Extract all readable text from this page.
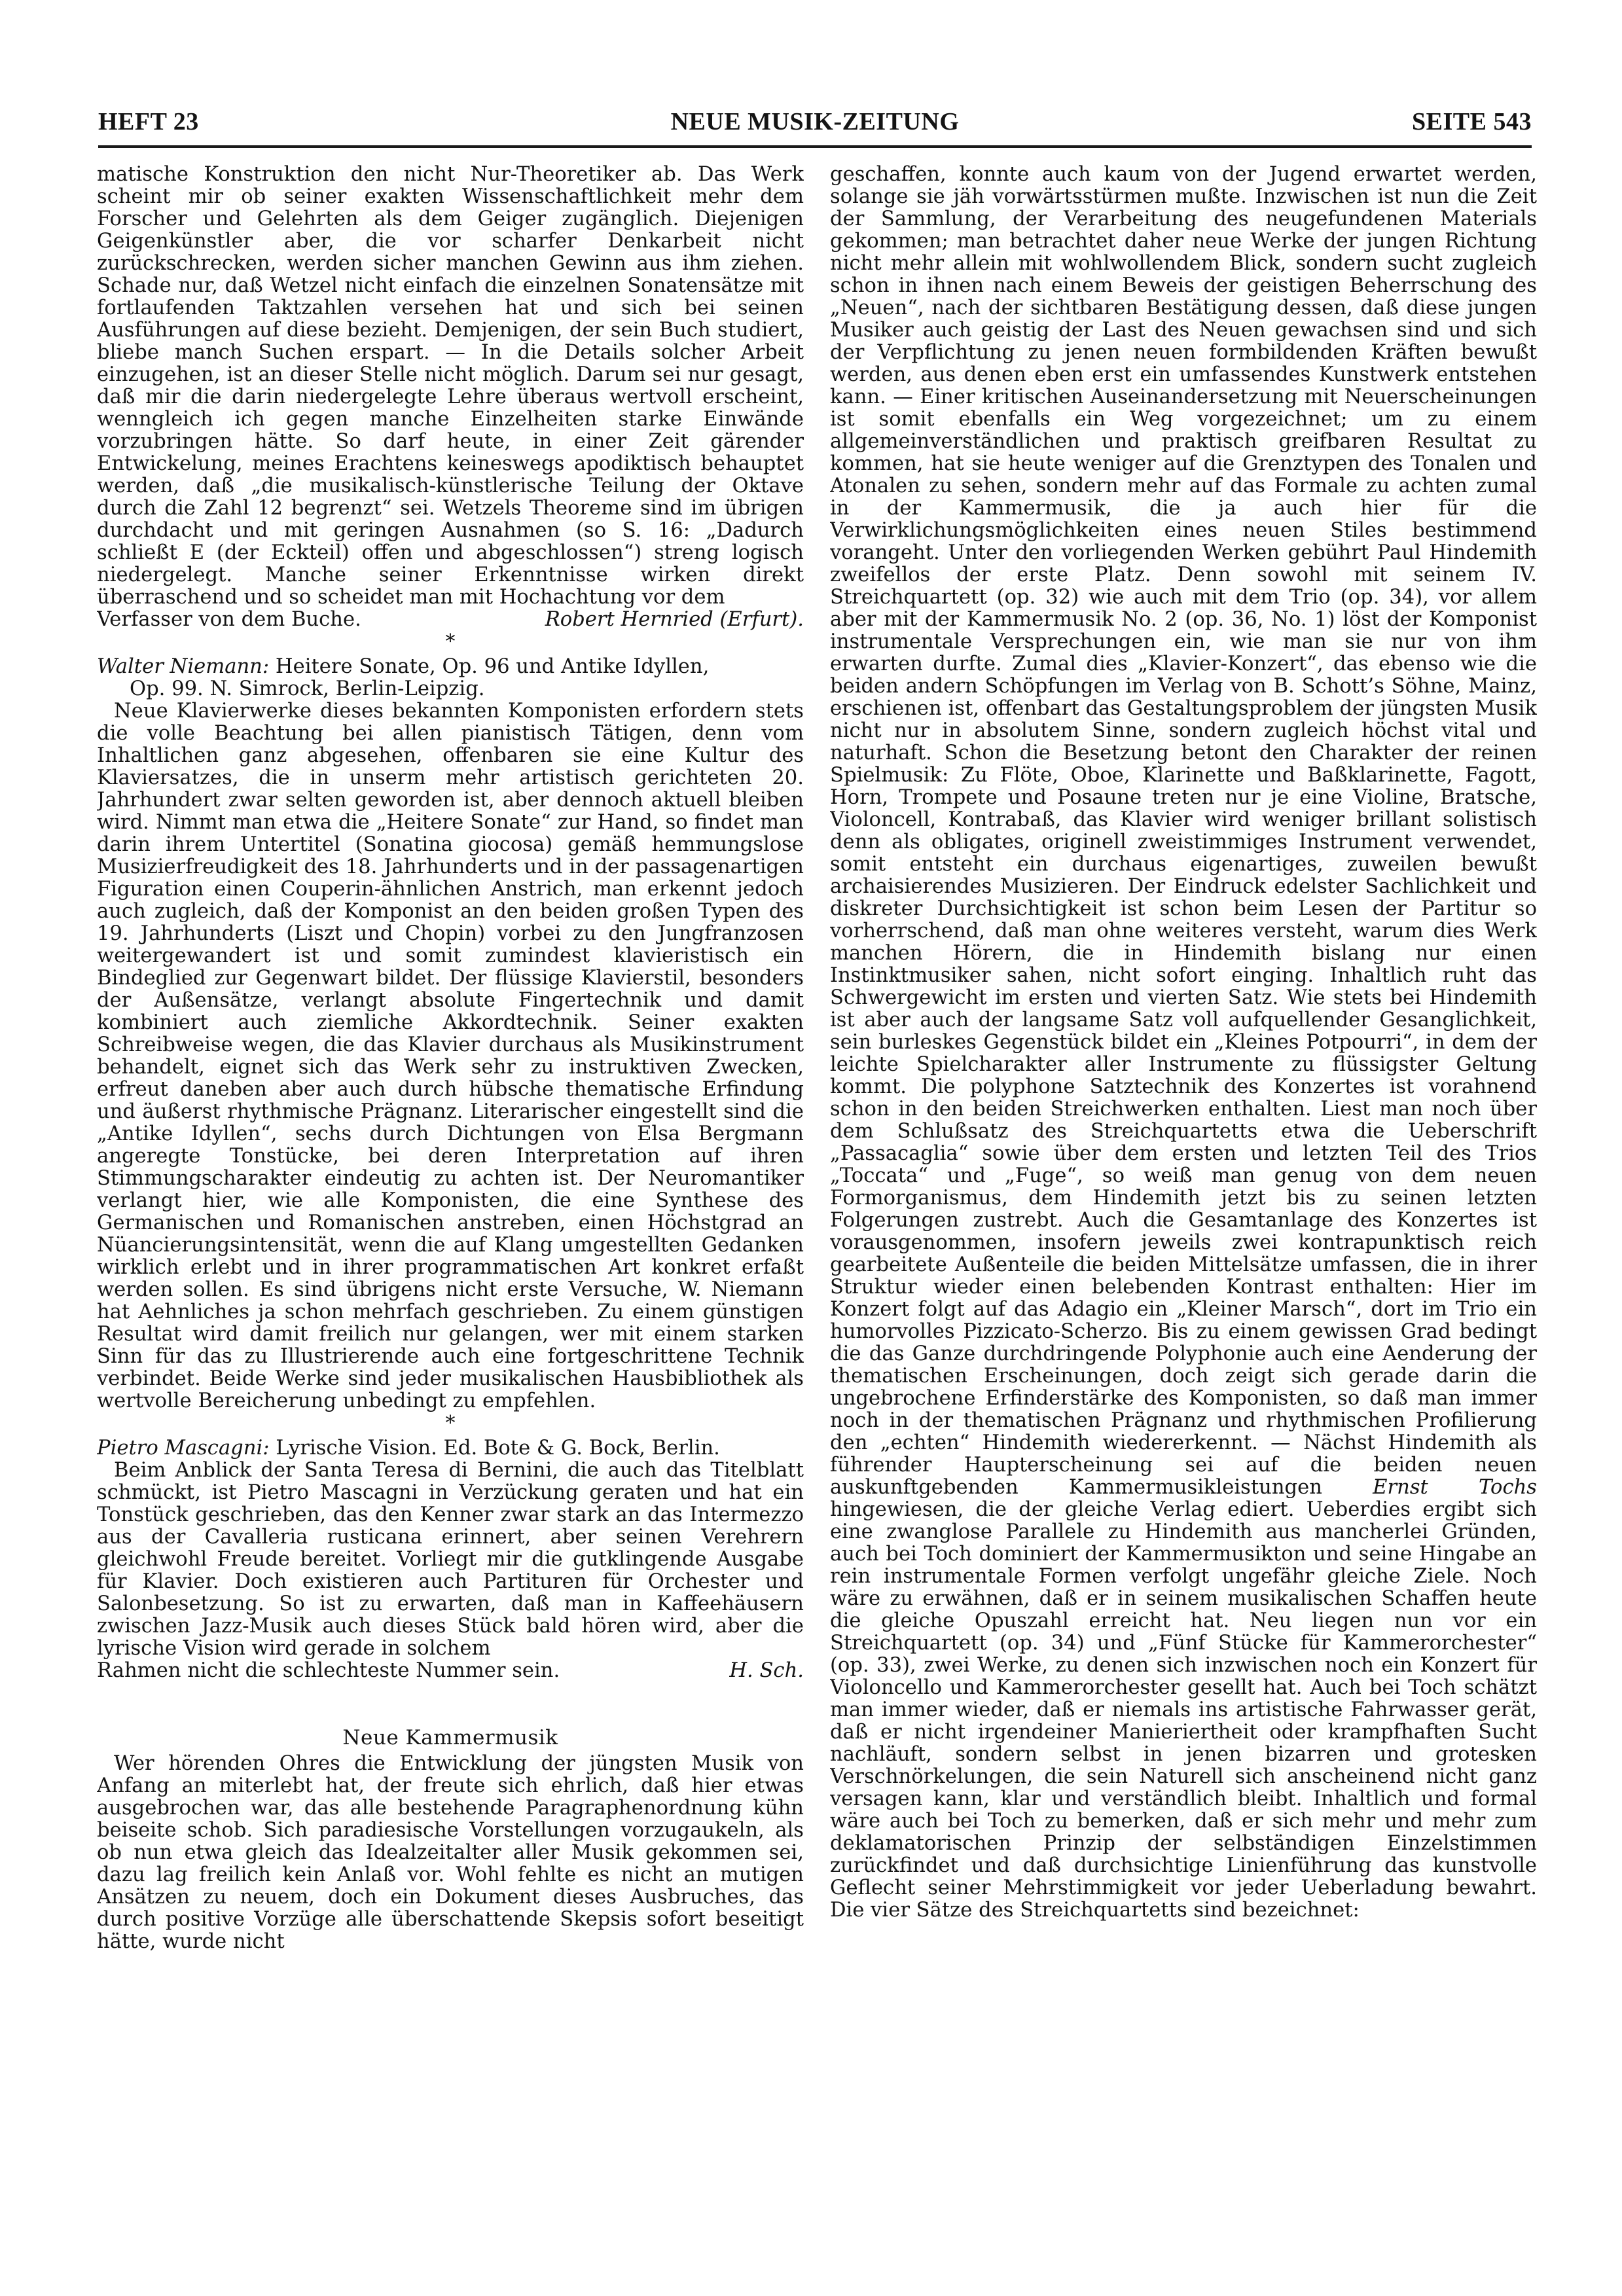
HEFT 23	NEUE MUSIK-ZEITUNG	SEITE 543

matische Konstruktion den nicht Nur-Theoretiker ab. Das Werk scheint mir ob seiner exakten Wissenschaftlichkeit mehr dem Forscher und Gelehrten als dem Geiger zugänglich. Diejenigen Geigenkünstler aber, die vor scharfer Denkarbeit nicht zurückschrecken, werden sicher manchen Gewinn aus ihm ziehen. Schade nur, daß Wetzel nicht einfach die einzelnen Sonatensätze mit fortlaufenden Taktzahlen versehen hat und sich bei seinen Ausführungen auf diese bezieht. Demjenigen, der sein Buch studiert, bliebe manch Suchen erspart. — In die Details solcher Arbeit einzugehen, ist an dieser Stelle nicht möglich. Darum sei nur gesagt, daß mir die darin niedergelegte Lehre überaus wertvoll erscheint, wenngleich ich gegen manche Einzelheiten starke Einwände vorzubringen hätte. So darf heute, in einer Zeit gärender Entwickelung, meines Erachtens keineswegs apodiktisch behauptet werden, daß „die musikalisch-künstlerische Teilung der Oktave durch die Zahl 12 begrenzt“ sei. Wetzels Theoreme sind im übrigen durchdacht und mit geringen Ausnahmen (so S. 16: „Dadurch schließt E (der Eckteil) offen und abgeschlossen“) streng logisch niedergelegt. Manche seiner Erkenntnisse wirken direkt überraschend und so scheidet man mit Hochachtung vor dem

Verfasser von dem Buche.	Robert Hernried (Erfurt).
*

Walter Niemann: Heitere Sonate, Op. 96 und Antike Idyllen,
Op. 99. N. Simrock, Berlin-Leipzig.

Neue Klavierwerke dieses bekannten Komponisten erfordern stets die volle Beachtung bei allen pianistisch Tätigen, denn vom Inhaltlichen ganz abgesehen, offenbaren sie eine Kultur des Klaviersatzes, die in unserm mehr artistisch gerichteten 20. Jahrhundert zwar selten geworden ist, aber dennoch aktuell bleiben wird. Nimmt man etwa die „Heitere Sonate“ zur Hand, so findet man darin ihrem Untertitel (Sonatina giocosa) gemäß hemmungslose Musizierfreudigkeit des 18. Jahrhunderts und in der passagenartigen Figuration einen Couperin-ähnlichen Anstrich, man erkennt jedoch auch zugleich, daß der Komponist an den beiden großen Typen des 19. Jahrhunderts (Liszt und Chopin) vorbei zu den Jungfranzosen weitergewandert ist und somit zumindest klavieristisch ein Bindeglied zur Gegenwart bildet. Der flüssige Klavierstil, besonders der Außensätze, verlangt absolute Fingertechnik und damit kombiniert auch ziemliche Akkordtechnik. Seiner exakten Schreibweise wegen, die das Klavier durchaus als Musikinstrument behandelt, eignet sich das Werk sehr zu instruktiven Zwecken, erfreut daneben aber auch durch hübsche thematische Erfindung und äußerst rhythmische Prägnanz. Literarischer eingestellt sind die „Antike Idyllen“, sechs durch Dichtungen von Elsa Bergmann angeregte Tonstücke, bei deren Interpretation auf ihren Stimmungscharakter eindeutig zu achten ist. Der Neuromantiker verlangt hier, wie alle Komponisten, die eine Synthese des Germanischen und Romanischen anstreben, einen Höchstgrad an Nüancierungsintensität, wenn die auf Klang umgestellten Gedanken wirklich erlebt und in ihrer programmatischen Art konkret erfaßt werden sollen. Es sind übrigens nicht erste Versuche, W. Niemann hat Aehnliches ja schon mehrfach geschrieben. Zu einem günstigen Resultat wird damit freilich nur gelangen, wer mit einem starken Sinn für das zu Illustrierende auch eine fortgeschrittene Technik verbindet. Beide Werke sind jeder musikalischen Hausbibliothek als wertvolle Bereicherung unbedingt zu empfehlen.

*

Pietro Mascagni: Lyrische Vision. Ed. Bote & G. Bock, Berlin.

Beim Anblick der Santa Teresa di Bernini, die auch das Titelblatt schmückt, ist Pietro Mascagni in Verzückung geraten und hat ein Tonstück geschrieben, das den Kenner zwar stark an das Intermezzo aus der Cavalleria rusticana erinnert, aber seinen Verehrern gleichwohl Freude bereitet. Vorliegt mir die gutklingende Ausgabe für Klavier. Doch existieren auch Partituren für Orchester und Salonbesetzung. So ist zu erwarten, daß man in Kaffeehäusern zwischen Jazz-Musik auch dieses Stück bald hören wird, aber die lyrische Vision wird gerade in solchem

Rahmen nicht die schlechteste Nummer sein.	H. Sch.
Neue Kammermusik

Wer hörenden Ohres die Entwicklung der jüngsten Musik von Anfang an miterlebt hat, der freute sich ehrlich, daß hier etwas ausgebrochen war, das alle bestehende Paragraphenordnung kühn beiseite schob. Sich paradiesische Vorstellungen vorzugaukeln, als ob nun etwa gleich das Idealzeitalter aller Musik gekommen sei, dazu lag freilich kein Anlaß vor. Wohl fehlte es nicht an mutigen Ansätzen zu neuem, doch ein Dokument dieses Ausbruches, das durch positive Vorzüge alle überschattende Skepsis sofort beseitigt hätte, wurde nicht

geschaffen, konnte auch kaum von der Jugend erwartet werden, solange sie jäh vorwärtsstürmen mußte. Inzwischen ist nun die Zeit der Sammlung, der Verarbeitung des neugefundenen Materials gekommen; man betrachtet daher neue Werke der jungen Richtung nicht mehr allein mit wohlwollendem Blick, sondern sucht zugleich schon in ihnen nach einem Beweis der geistigen Beherrschung des „Neuen“, nach der sichtbaren Bestätigung dessen, daß diese jungen Musiker auch geistig der Last des Neuen gewachsen sind und sich der Verpflichtung zu jenen neuen formbildenden Kräften bewußt werden, aus denen eben erst ein umfassendes Kunstwerk entstehen kann. — Einer kritischen Auseinandersetzung mit Neuerscheinungen ist somit ebenfalls ein Weg vorgezeichnet; um zu einem allgemeinverständlichen und praktisch greifbaren Resultat zu kommen, hat sie heute weniger auf die Grenztypen des Tonalen und Atonalen zu sehen, sondern mehr auf das Formale zu achten zumal in der Kammermusik, die ja auch hier für die Verwirklichungsmöglichkeiten eines neuen Stiles bestimmend vorangeht. Unter den vorliegenden Werken gebührt Paul Hindemith zweifellos der erste Platz. Denn sowohl mit seinem IV. Streichquartett (op. 32) wie auch mit dem Trio (op. 34), vor allem aber mit der Kammermusik No. 2 (op. 36, No. 1) löst der Komponist instrumentale Versprechungen ein, wie man sie nur von ihm erwarten durfte. Zumal dies „Klavier-Konzert“, das ebenso wie die beiden andern Schöpfungen im Verlag von B. Schott’s Söhne, Mainz, erschienen ist, offenbart das Gestaltungsproblem der jüngsten Musik nicht nur in absolutem Sinne, sondern zugleich höchst vital und naturhaft. Schon die Besetzung betont den Charakter der reinen Spielmusik: Zu Flöte, Oboe, Klarinette und Baßklarinette, Fagott, Horn, Trompete und Posaune treten nur je eine Violine, Bratsche, Violoncell, Kontrabaß, das Klavier wird weniger brillant solistisch denn als obligates, originell zweistimmiges Instrument verwendet, somit entsteht ein durchaus eigenartiges, zuweilen bewußt archaisierendes Musizieren. Der Eindruck edelster Sachlichkeit und diskreter Durchsichtigkeit ist schon beim Lesen der Partitur so vorherrschend, daß man ohne weiteres versteht, warum dies Werk manchen Hörern, die in Hindemith bislang nur einen Instinktmusiker sahen, nicht sofort einging. Inhaltlich ruht das Schwergewicht im ersten und vierten Satz. Wie stets bei Hindemith ist aber auch der langsame Satz voll aufquellender Gesanglichkeit, sein burleskes Gegenstück bildet ein „Kleines Potpourri“, in dem der leichte Spielcharakter aller Instrumente zu flüssigster Geltung kommt. Die polyphone Satztechnik des Konzertes ist vorahnend schon in den beiden Streichwerken enthalten. Liest man noch über dem Schlußsatz des Streichquartetts etwa die Ueberschrift „Passacaglia“ sowie über dem ersten und letzten Teil des Trios „Toccata“ und „Fuge“, so weiß man genug von dem neuen Formorganismus, dem Hindemith jetzt bis zu seinen letzten Folgerungen zustrebt. Auch die Gesamtanlage des Konzertes ist vorausgenommen, insofern jeweils zwei kontrapunktisch reich gearbeitete Außenteile die beiden Mittelsätze umfassen, die in ihrer Struktur wieder einen belebenden Kontrast enthalten: Hier im Konzert folgt auf das Adagio ein „Kleiner Marsch“, dort im Trio ein humorvolles Pizzicato-Scherzo. Bis zu einem gewissen Grad bedingt die das Ganze durchdringende Polyphonie auch eine Aenderung der thematischen Erscheinungen, doch zeigt sich gerade darin die ungebrochene Erfinderstärke des Komponisten, so daß man immer noch in der thematischen Prägnanz und rhythmischen Profilierung den „echten“ Hindemith wiedererkennt. — Nächst Hindemith als führender Haupterscheinung sei auf die beiden neuen auskunftgebenden Kammermusikleistungen Ernst Tochs hingewiesen, die der gleiche Verlag ediert. Ueberdies ergibt sich eine zwanglose Parallele zu Hindemith aus mancherlei Gründen, auch bei Toch dominiert der Kammermusikton und seine Hingabe an rein instrumentale Formen verfolgt ungefähr gleiche Ziele. Noch wäre zu erwähnen, daß er in seinem musikalischen Schaffen heute die gleiche Opuszahl erreicht hat. Neu liegen nun vor ein Streichquartett (op. 34) und „Fünf Stücke für Kammerorchester“ (op. 33), zwei Werke, zu denen sich inzwischen noch ein Konzert für Violoncello und Kammerorchester gesellt hat. Auch bei Toch schätzt man immer wieder, daß er niemals ins artistische Fahrwasser gerät, daß er nicht irgendeiner Manieriertheit oder krampfhaften Sucht nachläuft, sondern selbst in jenen bizarren und grotesken Verschnörkelungen, die sein Naturell sich anscheinend nicht ganz versagen kann, klar und verständlich bleibt. Inhaltlich und formal wäre auch bei Toch zu bemerken, daß er sich mehr und mehr zum deklamatorischen Prinzip der selbständigen Einzelstimmen zurückfindet und daß durchsichtige Linienführung das kunstvolle Geflecht seiner Mehrstimmigkeit vor jeder Ueberladung bewahrt. Die vier Sätze des Streichquartetts sind bezeichnet:
